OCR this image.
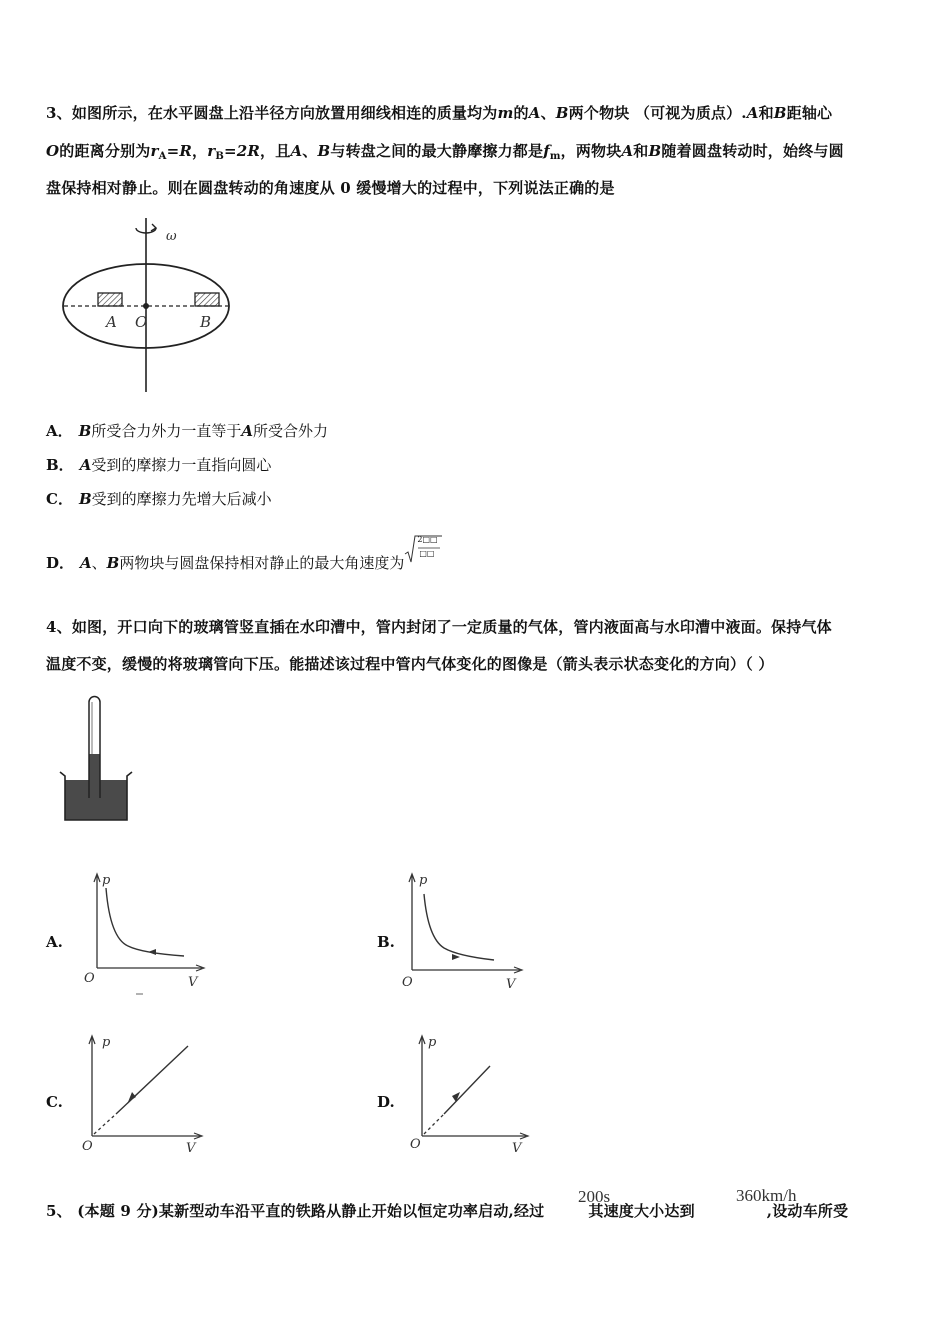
3、如图所示，在水平圆盘上沿半径方向放置用细线相连的质量均为m的A、B两个物块 （可视为质点）.A和B距轴心
O的距离分别为$r_A=R$，$r_B=2R$，且A、B与转盘之间的最大静摩擦力都是$f_m$，两物块A和B随着圆盘转动时，始终与圆
盘保持相对静止。则在圆盘转动的角速度从 0 缓慢增大的过程中，下列说法正确的是
ω
A O	B
A． B所受合力外力一直等于A所受合外力
B． A受到的摩擦力一直指向圆心
C． B受到的摩擦力先增大后减小
D． A、B两物块与圆盘保持相对静止的最大角速度为
2□□
□□
4、如图，开口向下的玻璃管竖直插在水印漕中，管内封闭了一定质量的气体，管内液面高与水印漕中液面。保持气体
温度不变，缓慢的将玻璃管向下压。能描述该过程中管内气体变化的图像是（箭头表示状态变化的方向）（ ）
A.	B.
C.	D.
p
V
O
p
V
O
p
V
O
p
V
O
5、 (本题 9 分)某新型动车沿平直的铁路从静止开始以恒定功率启动,经过	其速度大小达到	,设动车所受
200s	360km/h
